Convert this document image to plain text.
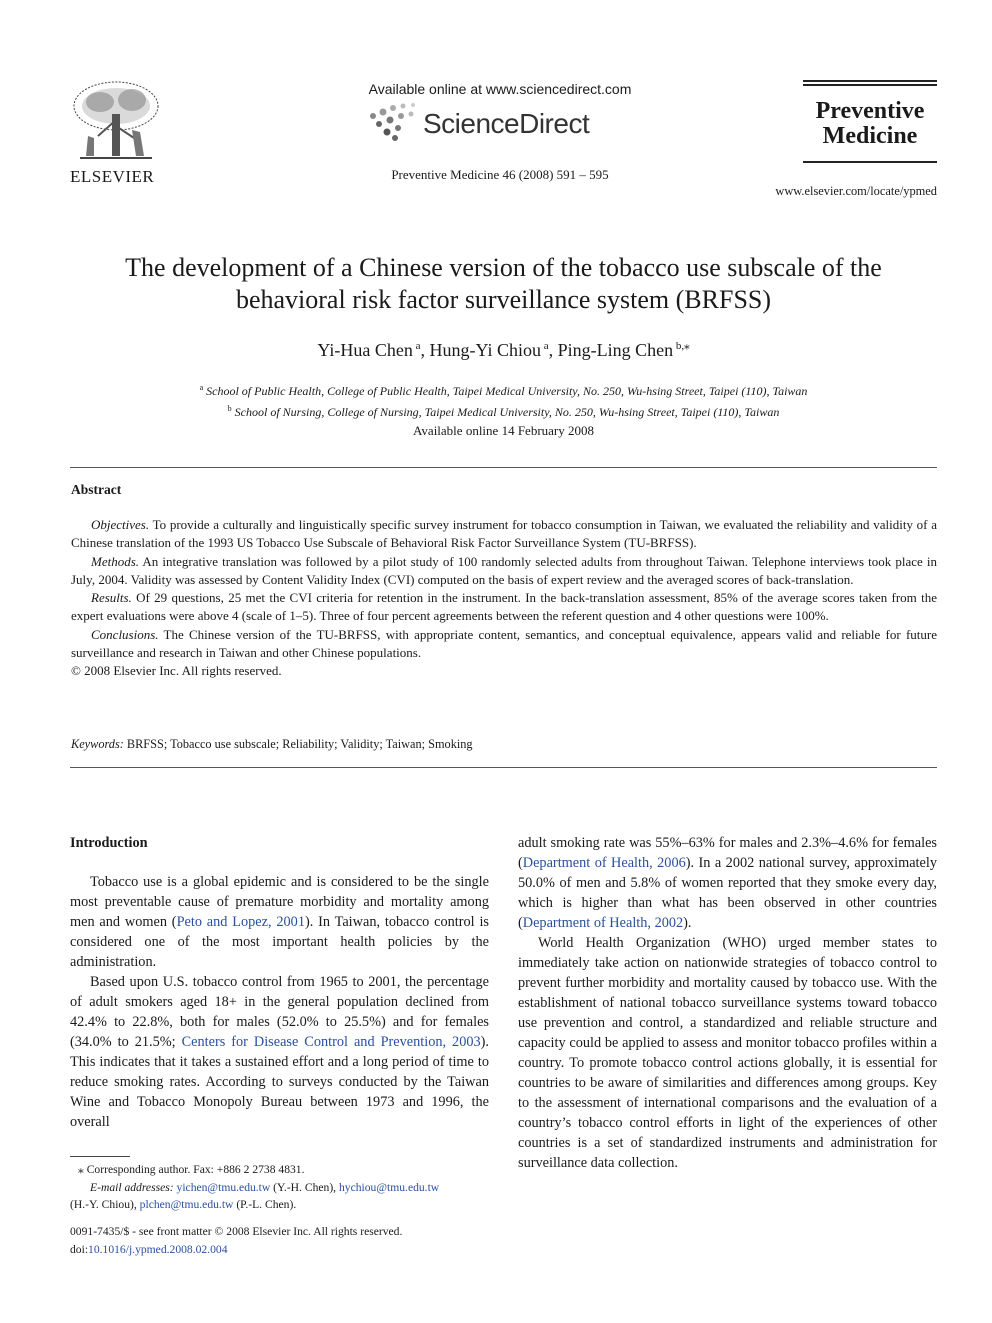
ELSEVIER
Available online at www.sciencedirect.com
ScienceDirect
Preventive Medicine 46 (2008) 591 – 595
Preventive
Medicine
www.elsevier.com/locate/ypmed
The development of a Chinese version of the tobacco use subscale of the
behavioral risk factor surveillance system (BRFSS)
Yi-Hua Chen $^a$, Hung-Yi Chiou $^a$, Ping-Ling Chen $^{b,⁎}$
$^a$ School of Public Health, College of Public Health, Taipei Medical University, No. 250, Wu-hsing Street, Taipei (110), Taiwan
$^b$ School of Nursing, College of Nursing, Taipei Medical University, No. 250, Wu-hsing Street, Taipei (110), Taiwan
Available online 14 February 2008
Abstract

Objectives. To provide a culturally and linguistically specific survey instrument for tobacco consumption in Taiwan, we evaluated the reliability and validity of a Chinese translation of the 1993 US Tobacco Use Subscale of Behavioral Risk Factor Surveillance System (TU-BRFSS).

Methods. An integrative translation was followed by a pilot study of 100 randomly selected adults from throughout Taiwan. Telephone interviews took place in July, 2004. Validity was assessed by Content Validity Index (CVI) computed on the basis of expert review and the averaged scores of back-translation.

Results. Of 29 questions, 25 met the CVI criteria for retention in the instrument. In the back-translation assessment, 85% of the average scores taken from the expert evaluations were above 4 (scale of 1–5). Three of four percent agreements between the referent question and 4 other questions were 100%.

Conclusions. The Chinese version of the TU-BRFSS, with appropriate content, semantics, and conceptual equivalence, appears valid and reliable for future surveillance and research in Taiwan and other Chinese populations.

© 2008 Elsevier Inc. All rights reserved.

Keywords: BRFSS; Tobacco use subscale; Reliability; Validity; Taiwan; Smoking

Introduction

Tobacco use is a global epidemic and is considered to be the single most preventable cause of premature morbidity and mortality among men and women (Peto and Lopez, 2001). In Taiwan, tobacco control is considered one of the most important health policies by the administration.

Based upon U.S. tobacco control from 1965 to 2001, the percentage of adult smokers aged 18+ in the general population declined from 42.4% to 22.8%, both for males (52.0% to 25.5%) and for females (34.0% to 21.5%; Centers for Disease Control and Prevention, 2003). This indicates that it takes a sustained effort and a long period of time to reduce smoking rates. According to surveys conducted by the Taiwan Wine and Tobacco Monopoly Bureau between 1973 and 1996, the overall

⁎ Corresponding author. Fax: +886 2 2738 4831.
E-mail addresses: yichen@tmu.edu.tw (Y.-H. Chen), hychiou@tmu.edu.tw
(H.-Y. Chiou), plchen@tmu.edu.tw (P.-L. Chen).
0091-7435/$ - see front matter © 2008 Elsevier Inc. All rights reserved.
doi:10.1016/j.ypmed.2008.02.004

adult smoking rate was 55%–63% for males and 2.3%–4.6% for females (Department of Health, 2006). In a 2002 national survey, approximately 50.0% of men and 5.8% of women reported that they smoke every day, which is higher than what has been observed in other countries (Department of Health, 2002).

World Health Organization (WHO) urged member states to immediately take action on nationwide strategies of tobacco control to prevent further morbidity and mortality caused by tobacco use. With the establishment of national tobacco surveillance systems toward tobacco use prevention and control, a standardized and reliable structure and capacity could be applied to assess and monitor tobacco profiles within a country. To promote tobacco control actions globally, it is essential for countries to be aware of similarities and differences among groups. Key to the assessment of international comparisons and the evaluation of a country’s tobacco control efforts in light of the experiences of other countries is a set of standardized instruments and administration for surveillance data collection.
